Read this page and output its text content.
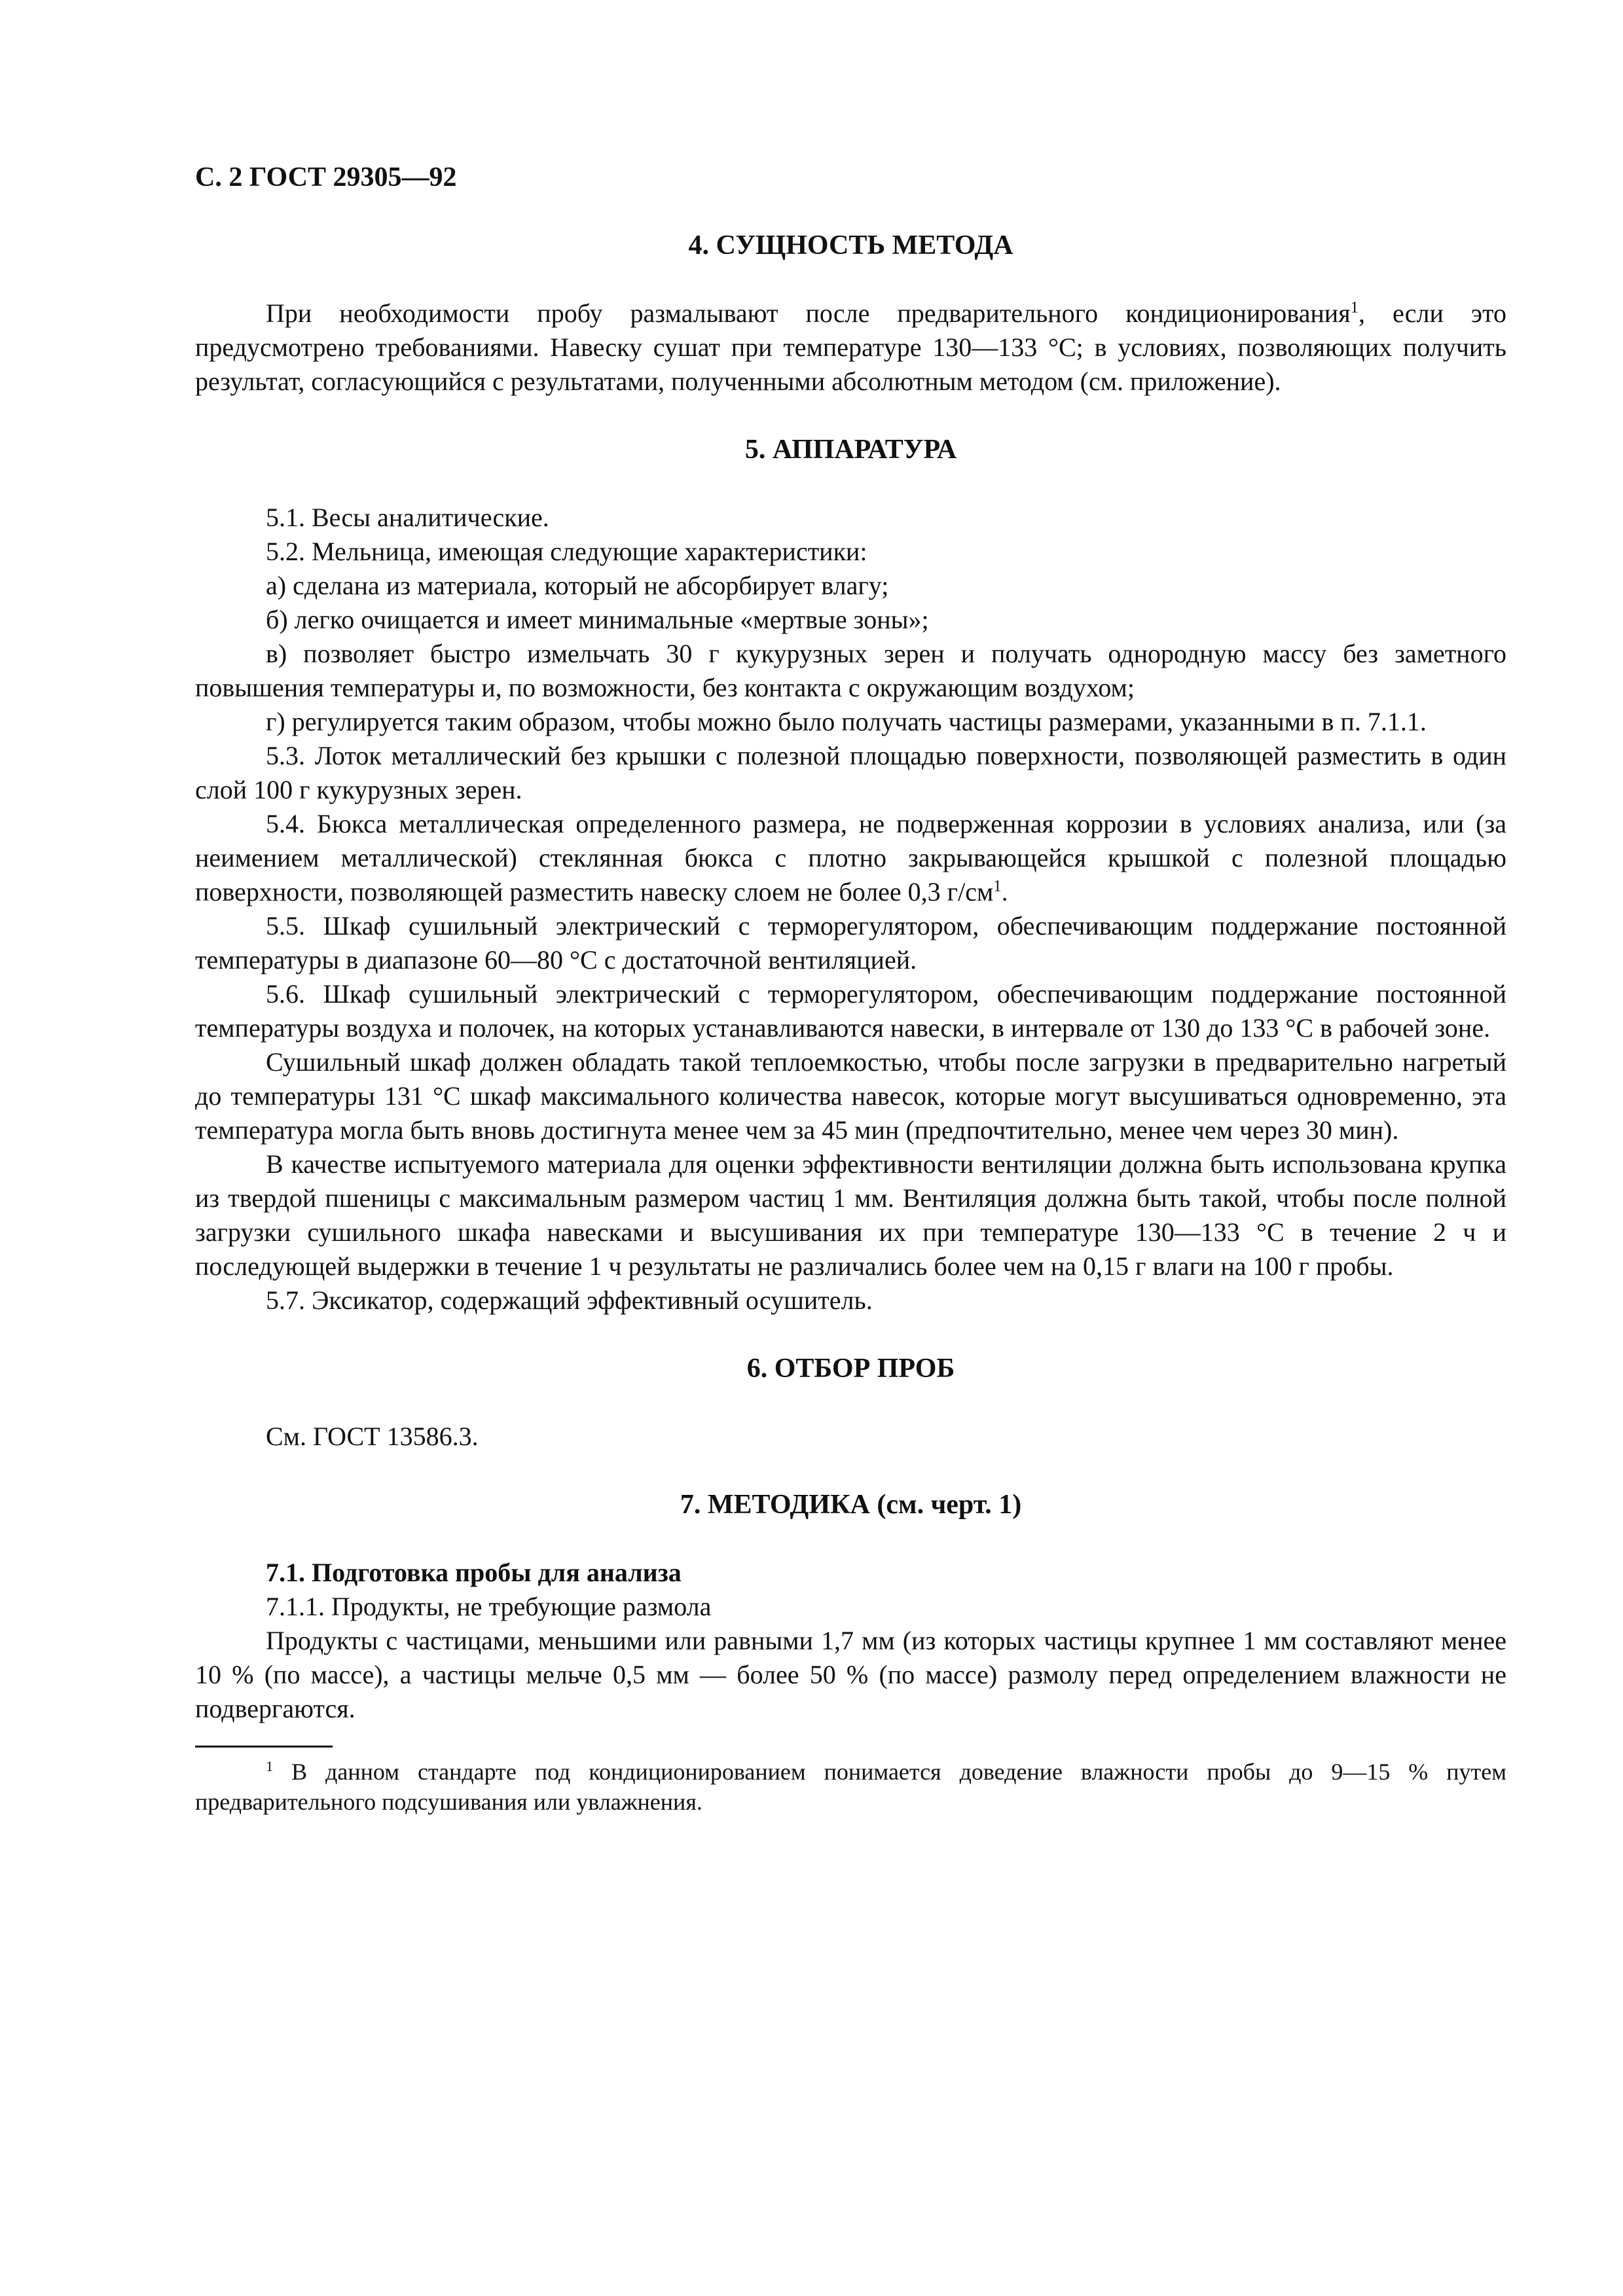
С. 2 ГОСТ 29305—92
4. СУЩНОСТЬ МЕТОДА

При необходимости пробу размалывают после предварительного кондиционирования$^1$, если это предусмотрено требованиями. Навеску сушат при температуре 130—133 °С; в условиях, позволяющих получить результат, согласующийся с результатами, полученными абсолютным методом (см. приложение).

5. АППАРАТУРА

5.1. Весы аналитические.

5.2. Мельница, имеющая следующие характеристики:

а) сделана из материала, который не абсорбирует влагу;

б) легко очищается и имеет минимальные «мертвые зоны»;

в) позволяет быстро измельчать 30 г кукурузных зерен и получать однородную массу без заметного повышения температуры и, по возможности, без контакта с окружающим воздухом;

г) регулируется таким образом, чтобы можно было получать частицы размерами, указанными в п. 7.1.1.

5.3. Лоток металлический без крышки с полезной площадью поверхности, позволяющей разместить в один слой 100 г кукурузных зерен.

5.4. Бюкса металлическая определенного размера, не подверженная коррозии в условиях анализа, или (за неимением металлической) стеклянная бюкса с плотно закрывающейся крышкой с полезной площадью поверхности, позволяющей разместить навеску слоем не более 0,3 $г/см^1$.

5.5. Шкаф сушильный электрический с терморегулятором, обеспечивающим поддержание постоянной температуры в диапазоне 60—80 °С с достаточной вентиляцией.

5.6. Шкаф сушильный электрический с терморегулятором, обеспечивающим поддержание постоянной температуры воздуха и полочек, на которых устанавливаются навески, в интервале от 130 до 133 °С в рабочей зоне.

Сушильный шкаф должен обладать такой теплоемкостью, чтобы после загрузки в предварительно нагретый до температуры 131 °С шкаф максимального количества навесок, которые могут высушиваться одновременно, эта температура могла быть вновь достигнута менее чем за 45 мин (предпочтительно, менее чем через 30 мин).

В качестве испытуемого материала для оценки эффективности вентиляции должна быть использована крупка из твердой пшеницы с максимальным размером частиц 1 мм. Вентиляция должна быть такой, чтобы после полной загрузки сушильного шкафа навесками и высушивания их при температуре 130—133 °С в течение 2 ч и последующей выдержки в течение 1 ч результаты не различались более чем на 0,15 г влаги на 100 г пробы.

5.7. Эксикатор, содержащий эффективный осушитель.

6. ОТБОР ПРОБ

См. ГОСТ 13586.3.

7. МЕТОДИКА (см. черт. 1)

7.1. Подготовка пробы для анализа

7.1.1. Продукты, не требующие размола

Продукты с частицами, меньшими или равными 1,7 мм (из которых частицы крупнее 1 мм составляют менее 10 % (по массе), а частицы мельче 0,5 мм — более 50 % (по массе) размолу перед определением влажности не подвергаются.

$^1$ В данном стандарте под кондиционированием понимается доведение влажности пробы до 9—15 % путем предварительного подсушивания или увлажнения.
